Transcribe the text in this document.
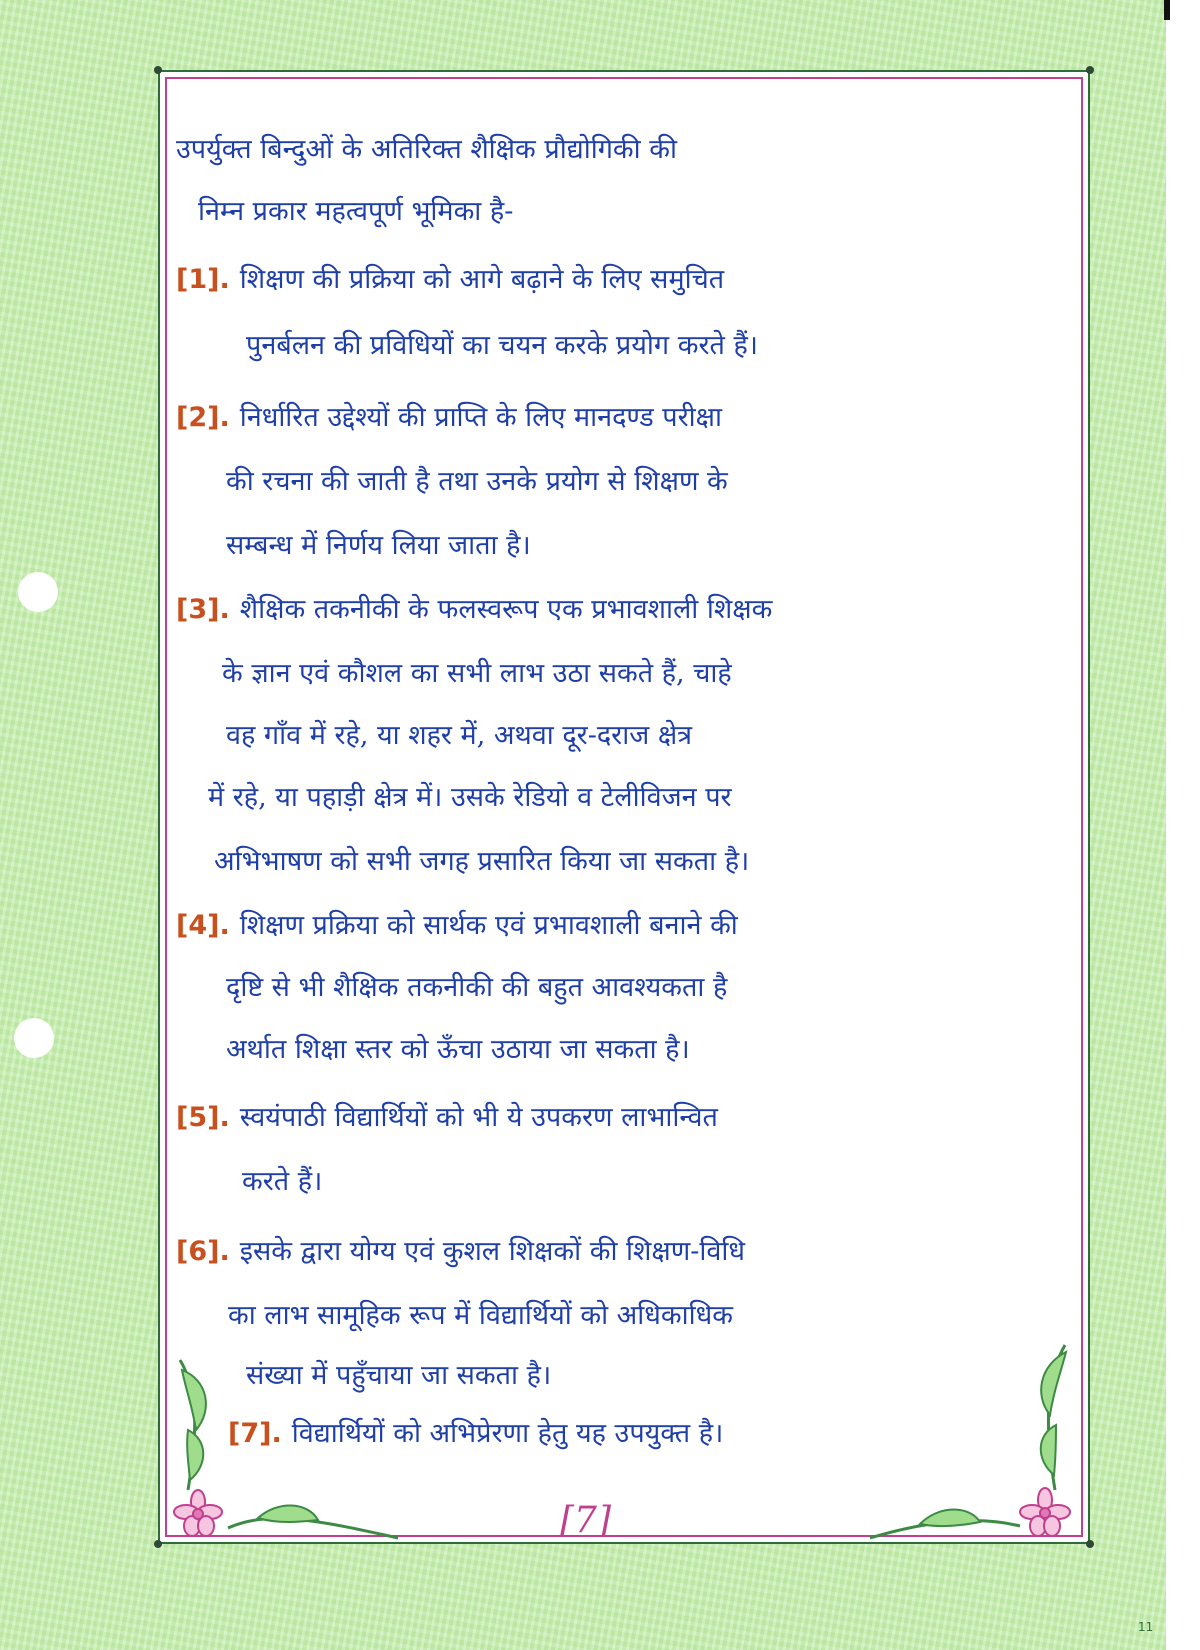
उपर्युक्त बिन्दुओं के अतिरिक्त शैक्षिक प्रौद्योगिकी की
निम्न प्रकार महत्वपूर्ण भूमिका है-
[1]. शिक्षण की प्रक्रिया को आगे बढ़ाने के लिए समुचित
पुनर्बलन की प्रविधियों का चयन करके प्रयोग करते हैं।
[2]. निर्धारित उद्देश्यों की प्राप्ति के लिए मानदण्ड परीक्षा
की रचना की जाती है तथा उनके प्रयोग से शिक्षण के
सम्बन्ध में निर्णय लिया जाता है।
[3]. शैक्षिक तकनीकी के फलस्वरूप एक प्रभावशाली शिक्षक
के ज्ञान एवं कौशल का सभी लाभ उठा सकते हैं, चाहे
वह गाँव में रहे, या शहर में, अथवा दूर-दराज क्षेत्र
में रहे, या पहाड़ी क्षेत्र में। उसके रेडियो व टेलीविजन पर
अभिभाषण को सभी जगह प्रसारित किया जा सकता है।
[4]. शिक्षण प्रक्रिया को सार्थक एवं प्रभावशाली बनाने की
दृष्टि से भी शैक्षिक तकनीकी की बहुत आवश्यकता है
अर्थात शिक्षा स्तर को ऊँचा उठाया जा सकता है।
[5]. स्वयंपाठी विद्यार्थियों को भी ये उपकरण लाभान्वित
करते हैं।
[6]. इसके द्वारा योग्य एवं कुशल शिक्षकों की शिक्षण-विधि
का लाभ सामूहिक रूप में विद्यार्थियों को अधिकाधिक
संख्या में पहुँचाया जा सकता है।
[7]. विद्यार्थियों को अभिप्रेरणा हेतु यह उपयुक्त है।
[7]
11
